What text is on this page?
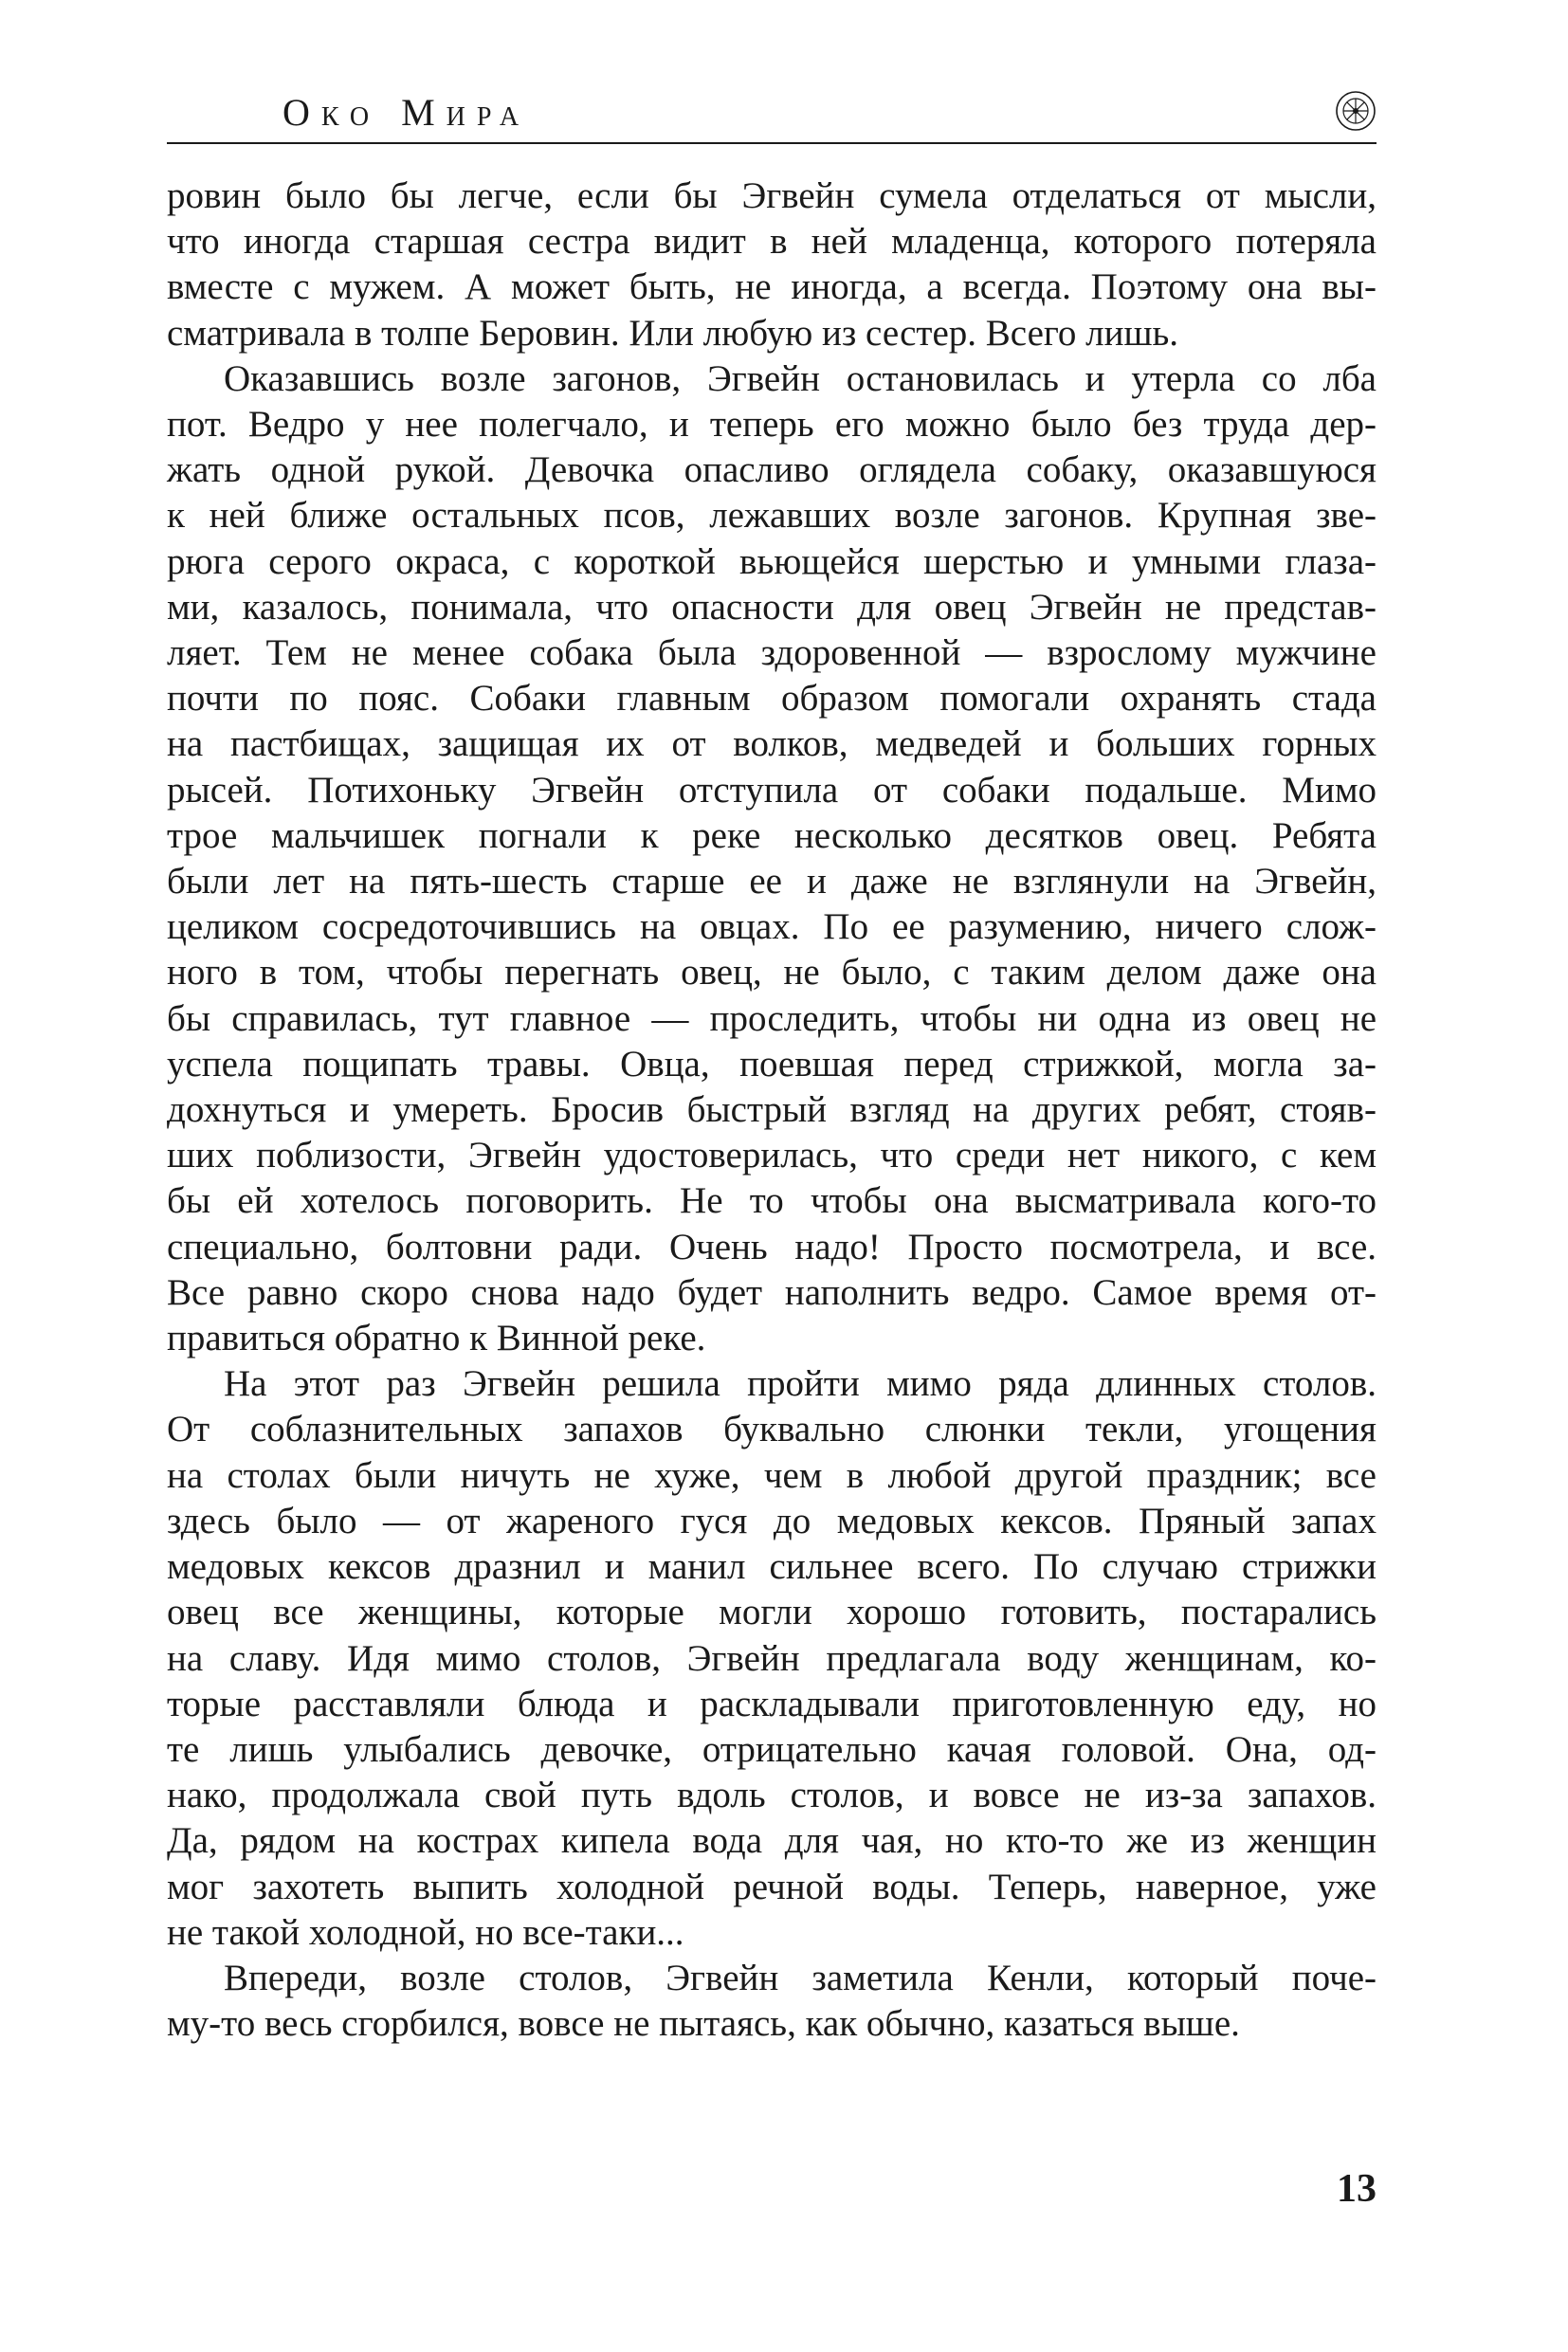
Око Мира

ровин было бы легче, если бы Эгвейн сумела отделаться от мысли,
что иногда старшая сестра видит в ней младенца, которого потеряла
вместе с мужем. А может быть, не иногда, а всегда. Поэтому она вы-
сматривала в толпе Беровин. Или любую из сестер. Всего лишь.

Оказавшись возле загонов, Эгвейн остановилась и утерла со лба
пот. Ведро у нее полегчало, и теперь его можно было без труда дер-
жать одной рукой. Девочка опасливо оглядела собаку, оказавшуюся
к ней ближе остальных псов, лежавших возле загонов. Крупная зве-
рюга серого окраса, с короткой вьющейся шерстью и умными глаза-
ми, казалось, понимала, что опасности для овец Эгвейн не представ-
ляет. Тем не менее собака была здоровенной — взрослому мужчине
почти по пояс. Собаки главным образом помогали охранять стада
на пастбищах, защищая их от волков, медведей и больших горных
рысей. Потихоньку Эгвейн отступила от собаки подальше. Мимо
трое мальчишек погнали к реке несколько десятков овец. Ребята
были лет на пять-шесть старше ее и даже не взглянули на Эгвейн,
целиком сосредоточившись на овцах. По ее разумению, ничего слож-
ного в том, чтобы перегнать овец, не было, с таким делом даже она
бы справилась, тут главное — проследить, чтобы ни одна из овец не
успела пощипать травы. Овца, поевшая перед стрижкой, могла за-
дохнуться и умереть. Бросив быстрый взгляд на других ребят, стояв-
ших поблизости, Эгвейн удостоверилась, что среди нет никого, с кем
бы ей хотелось поговорить. Не то чтобы она высматривала кого-то
специально, болтовни ради. Очень надо! Просто посмотрела, и все.
Все равно скоро снова надо будет наполнить ведро. Самое время от-
правиться обратно к Винной реке.

На этот раз Эгвейн решила пройти мимо ряда длинных столов.
От соблазнительных запахов буквально слюнки текли, угощения
на столах были ничуть не хуже, чем в любой другой праздник; все
здесь было — от жареного гуся до медовых кексов. Пряный запах
медовых кексов дразнил и манил сильнее всего. По случаю стрижки
овец все женщины, которые могли хорошо готовить, постарались
на славу. Идя мимо столов, Эгвейн предлагала воду женщинам, ко-
торые расставляли блюда и раскладывали приготовленную еду, но
те лишь улыбались девочке, отрицательно качая головой. Она, од-
нако, продолжала свой путь вдоль столов, и вовсе не из-за запахов.
Да, рядом на кострах кипела вода для чая, но кто-то же из женщин
мог захотеть выпить холодной речной воды. Теперь, наверное, уже
не такой холодной, но все-таки...

Впереди, возле столов, Эгвейн заметила Кенли, который поче-
му-то весь сгорбился, вовсе не пытаясь, как обычно, казаться выше.

13
